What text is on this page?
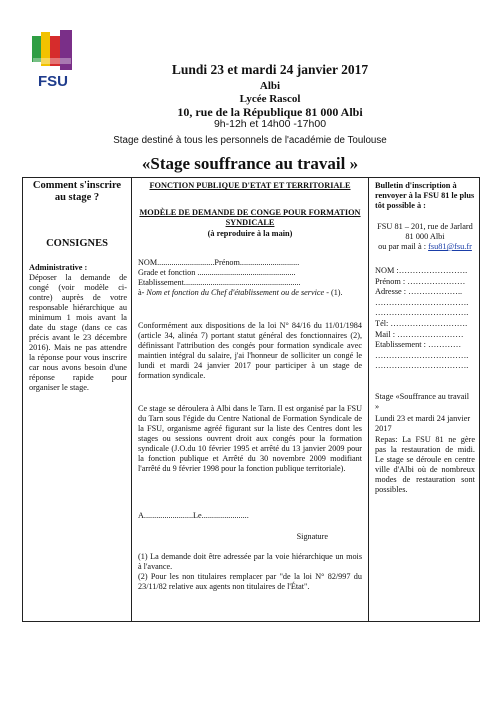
FSU
Lundi 23 et mardi 24 janvier 2017
Albi
Lycée Rascol
10, rue de la République 81 000 Albi
9h-12h et 14h00 -17h00
Stage destiné à tous les personnels de l'académie de Toulouse
«Stage souffrance au travail »
Comment s'inscrire au stage ?
CONSIGNES
Administrative :
Déposer la demande de congé (voir modèle ci-contre) auprès de votre responsable hiérarchique au minimum 1 mois avant la date du stage (dans ce cas précis avant le 23 décembre 2016). Mais ne pas attendre la réponse pour vous inscrire car nous avons besoin d'une réponse rapide pour organiser le stage.
FONCTION PUBLIQUE D'ETAT ET TERRITORIALE
MODÈLE DE DEMANDE DE CONGE POUR FORMATION SYNDICALE
(à reproduire à la main)

NOM............................Prénom.............................

Grade et fonction ................................................

Etablissement.........................................................

à- Nom et fonction du Chef d'établissement ou de service - (1).

Conformément aux dispositions de la loi N° 84/16 du 11/01/1984 (article 34, alinéa 7) portant statut général des fonctionnaires (2), définissant l'attribution des congés pour formation syndicale avec maintien intégral du salaire, j'ai l'honneur de solliciter un congé le lundi et mardi 24 janvier 2017 pour participer à un stage de formation syndicale.
Ce stage se déroulera à Albi dans le Tarn. Il est organisé par la FSU du Tarn sous l'égide du Centre National de Formation Syndicale de la FSU, organisme agréé figurant sur la liste des Centres dont les stages ou sessions ouvrent droit aux congés pour la formation syndicale (J.O.du 10 février 1995 et arrêté du 13 janvier 2009 pour la fonction publique et Arrêté du 30 novembre 2009 modifiant l'arrêté du 9 février 1998 pour la fonction publique territoriale).
A........................Le.......................
Signature

(1) La demande doit être adressée par la voie hiérarchique un mois à l'avance.

(2) Pour les non titulaires remplacer par "de la loi N° 82/997 du 23/11/82 relative aux agents non titulaires de l'État".

Bulletin d'inscription à renvoyer à la FSU 81 le plus tôt possible à :

FSU 81 – 201, rue de Jarlard

81 000 Albi

ou par mail à : fsu81@fsu.fr

NOM :…………………….

Prénom : …………………

Adresse : ………………..

…………………………….

…………………………….

Tél: ……………………….

Mail : ……………………

Etablissement : …………

…………………………….

…………………………….

Stage «Souffrance au travail »
Lundi 23 et mardi 24 janvier 2017
Repas: La FSU 81 ne gère pas la restauration de midi. Le stage se déroule en centre ville d'Albi où de nombreux modes de restauration sont possibles.
